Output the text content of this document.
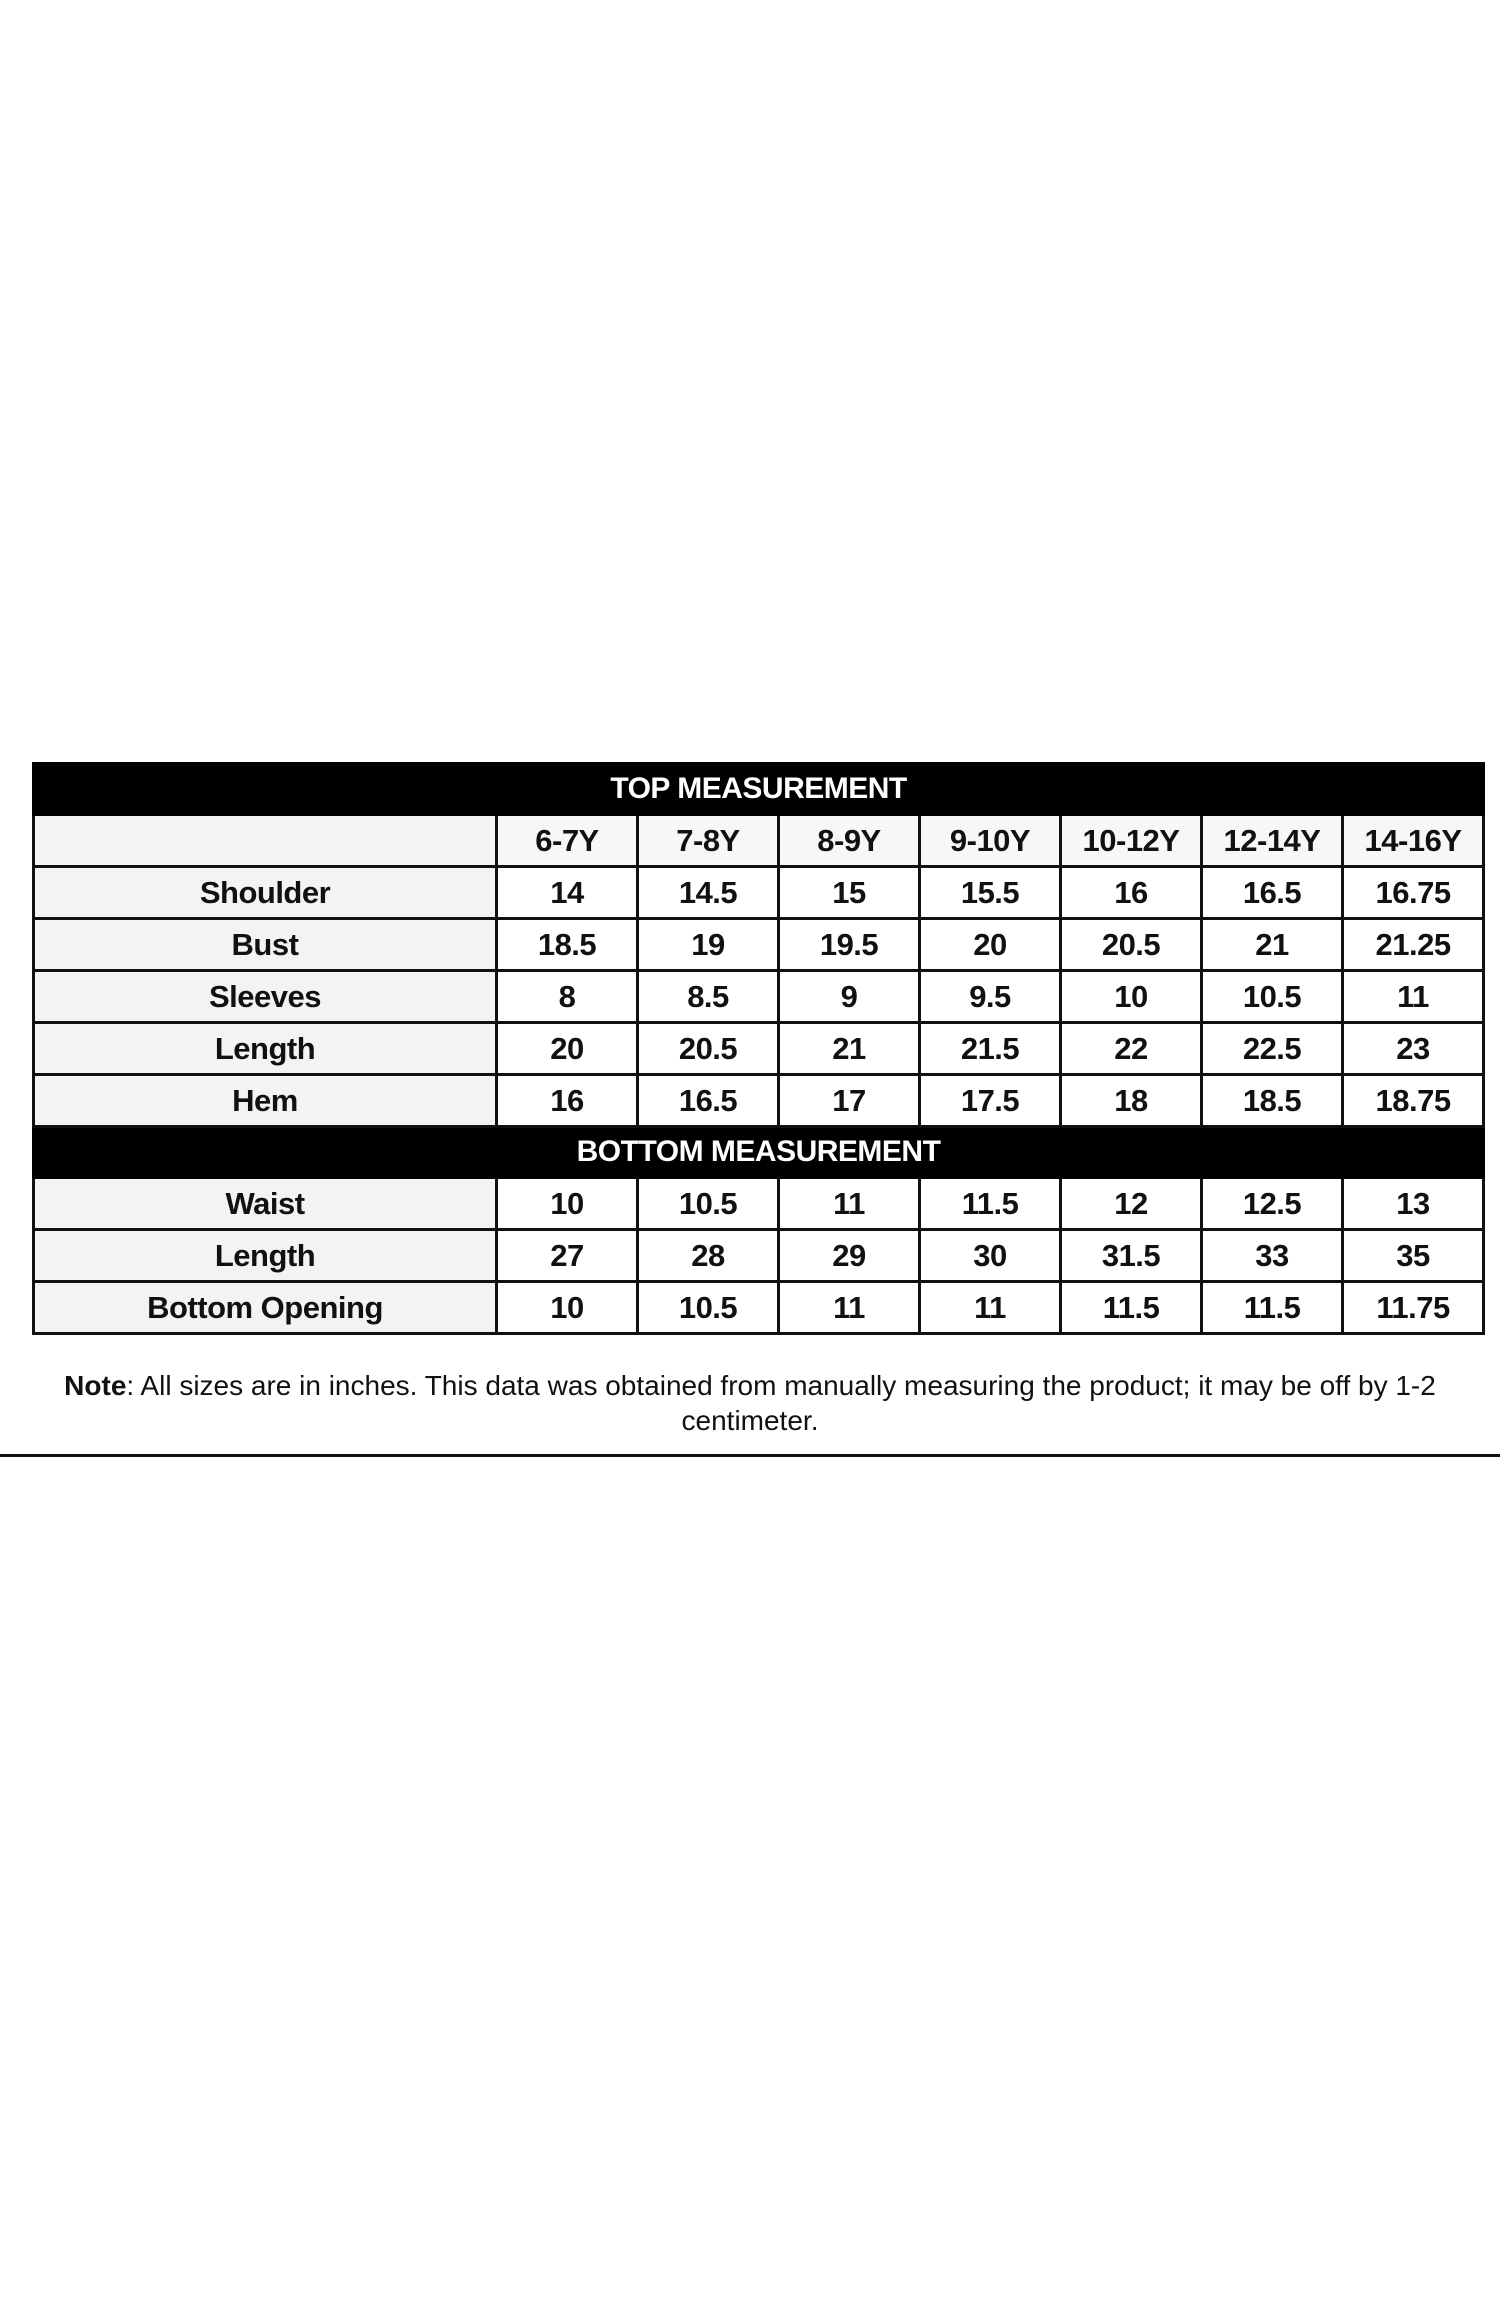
TOP MEASUREMENT							
	6-7Y	7-8Y	8-9Y	9-10Y	10-12Y	12-14Y	14-16Y
Shoulder	14	14.5	15	15.5	16	16.5	16.75
Bust	18.5	19	19.5	20	20.5	21	21.25
Sleeves	8	8.5	9	9.5	10	10.5	11
Length	20	20.5	21	21.5	22	22.5	23
Hem	16	16.5	17	17.5	18	18.5	18.75
BOTTOM MEASUREMENT							
Waist	10	10.5	11	11.5	12	12.5	13
Length	27	28	29	30	31.5	33	35
Bottom Opening	10	10.5	11	11	11.5	11.5	11.75
Note: All sizes are in inches. This data was obtained from manually measuring the product; it may be off by 1-2 centimeter.
